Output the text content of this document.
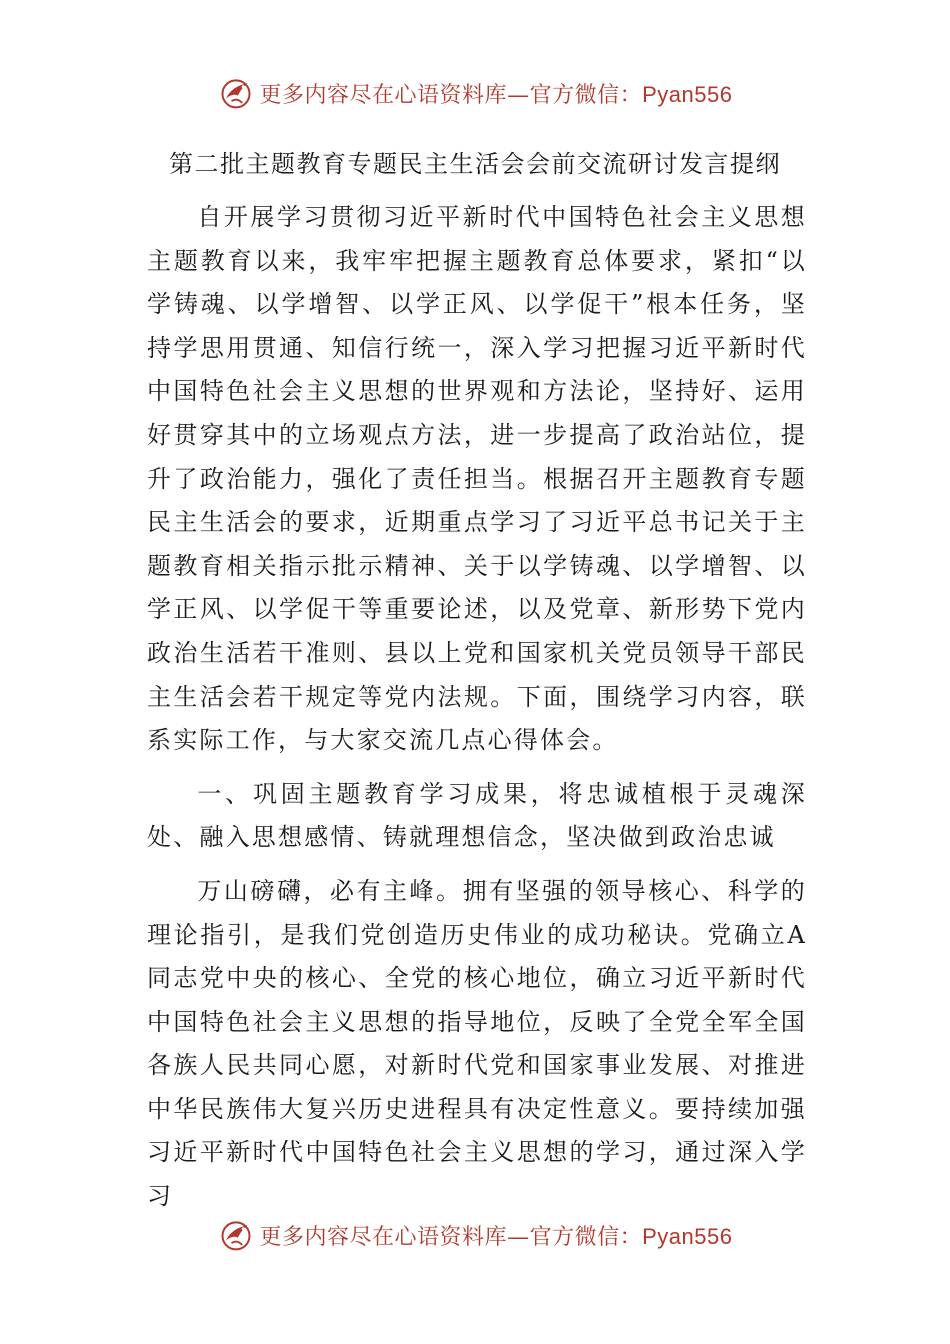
更多内容尽在心语资料库—官方微信：Pyan556
第二批主题教育专题民主生活会会前交流研讨发言提纲

自开展学习贯彻习近平新时代中国特色社会主义思想主题教育以来，我牢牢把握主题教育总体要求，紧扣“以学铸魂、以学增智、以学正风、以学促干”根本任务，坚持学思用贯通、知信行统一，深入学习把握习近平新时代中国特色社会主义思想的世界观和方法论，坚持好、运用好贯穿其中的立场观点方法，进一步提高了政治站位，提升了政治能力，强化了责任担当。根据召开主题教育专题民主生活会的要求，近期重点学习了习近平总书记关于主题教育相关指示批示精神、关于以学铸魂、以学增智、以学正风、以学促干等重要论述，以及党章、新形势下党内政治生活若干准则、县以上党和国家机关党员领导干部民主生活会若干规定等党内法规。下面，围绕学习内容，联系实际工作，与大家交流几点心得体会。

一、巩固主题教育学习成果，将忠诚植根于灵魂深处、融入思想感情、铸就理想信念，坚决做到政治忠诚

万山磅礴，必有主峰。拥有坚强的领导核心、科学的理论指引，是我们党创造历史伟业的成功秘诀。党确立A同志党中央的核心、全党的核心地位，确立习近平新时代中国特色社会主义思想的指导地位，反映了全党全军全国各族人民共同心愿，对新时代党和国家事业发展、对推进中华民族伟大复兴历史进程具有决定性意义。要持续加强习近平新时代中国特色社会主义思想的学习，通过深入学习

更多内容尽在心语资料库—官方微信：Pyan556
